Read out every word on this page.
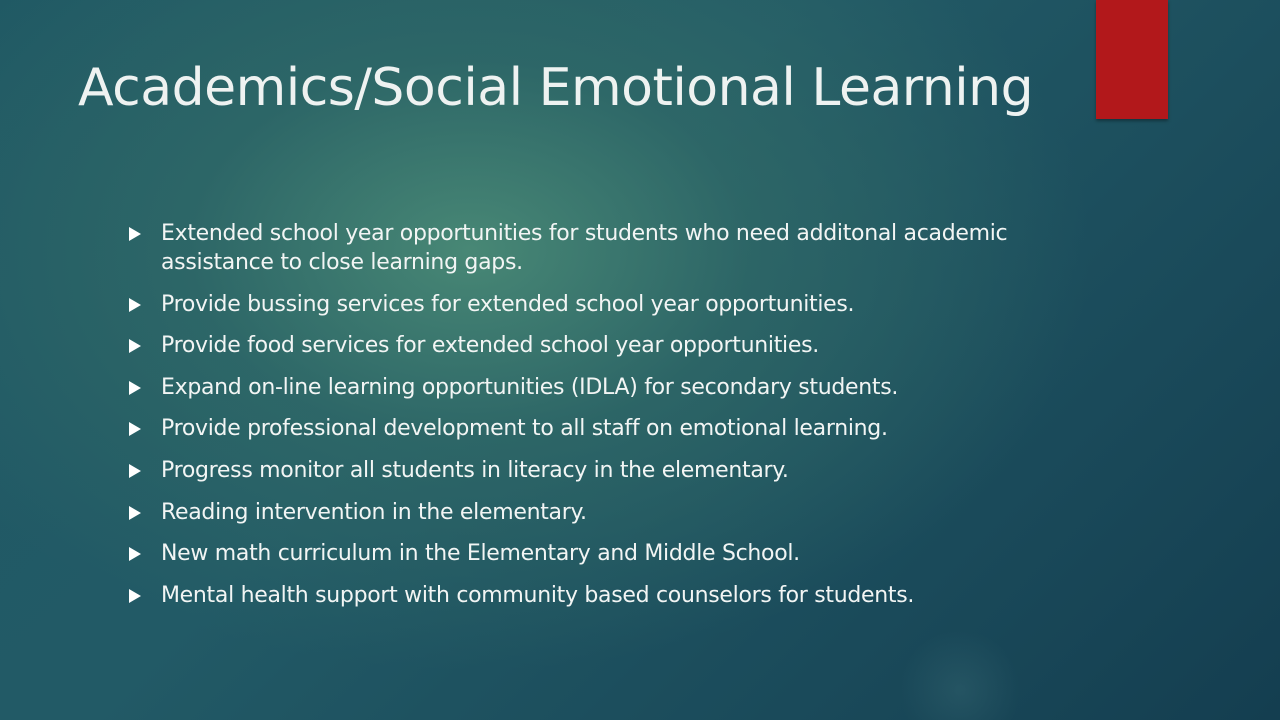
Academics/Social Emotional Learning
Extended school year opportunities for students who need additonal academic assistance to close learning gaps.
Provide bussing services for extended school year opportunities.
Provide food services for extended school year opportunities.
Expand on-line learning opportunities (IDLA) for secondary students.
Provide professional development to all staff on emotional learning.
Progress monitor all students in literacy in the elementary.
Reading intervention in the elementary.
New math curriculum in the Elementary and Middle School.
Mental health support with community based counselors for students.
